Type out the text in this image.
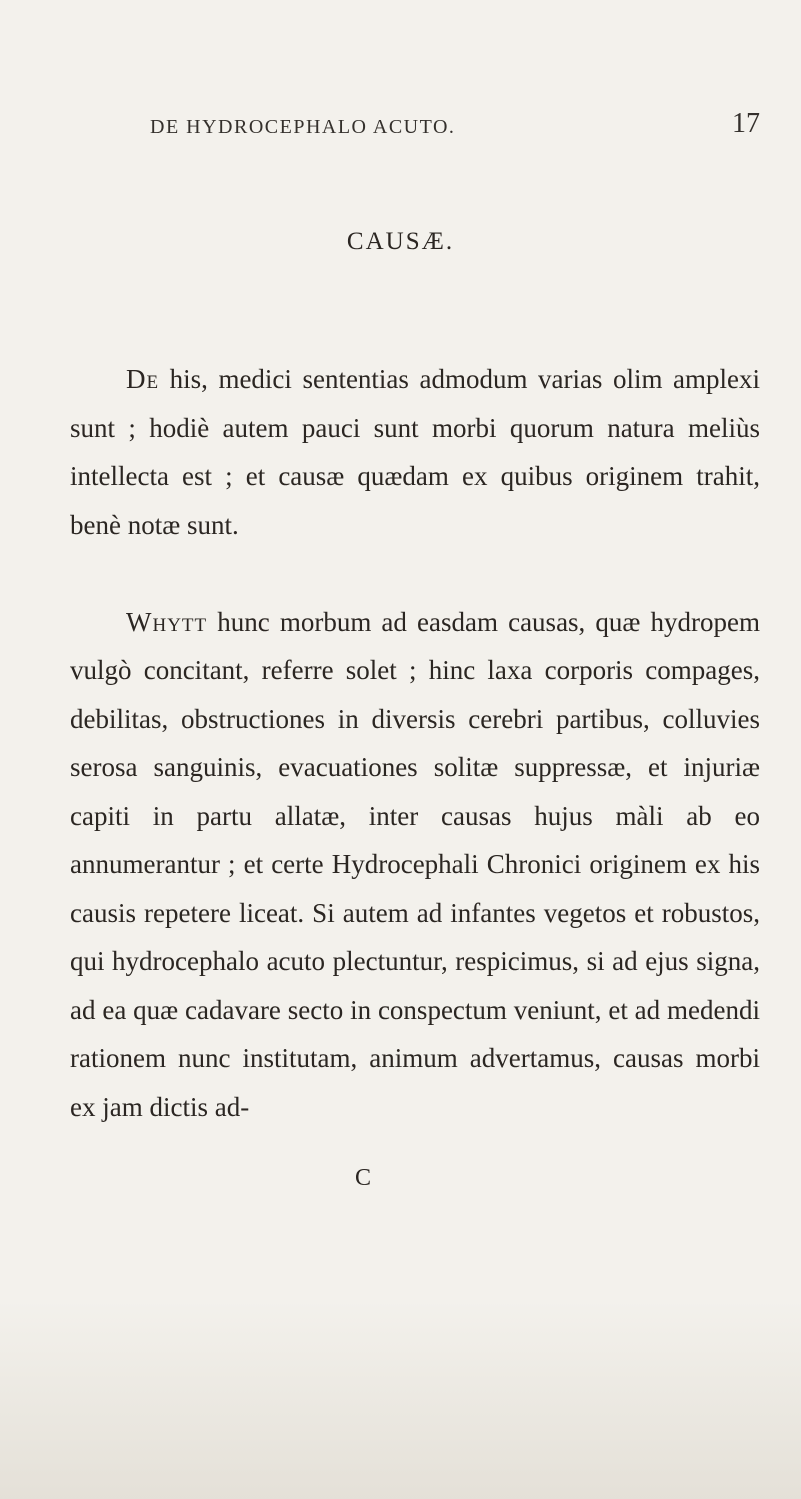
DE HYDROCEPHALO ACUTO.	17
CAUSÆ.

De his, medici sententias admodum varias olim amplexi sunt ; hodiè autem pauci sunt morbi quorum natura meliùs intellecta est ; et causæ quædam ex quibus originem trahit, benè notæ sunt.

Whytt hunc morbum ad easdam causas, quæ hydropem vulgò concitant, referre solet ; hinc laxa corporis compages, debilitas, obstructiones in diversis cerebri partibus, colluvies serosa sanguinis, evacuationes solitæ suppressæ, et injuriæ capiti in partu allatæ, inter causas hujus màli ab eo annumerantur ; et certe Hydrocephali Chronici originem ex his causis repetere liceat. Si autem ad infantes vegetos et robustos, qui hydrocephalo acuto plectuntur, respicimus, si ad ejus signa, ad ea quæ cadavare secto in conspectum veniunt, et ad medendi rationem nunc institutam, animum advertamus, causas morbi ex jam dictis ad-

C
